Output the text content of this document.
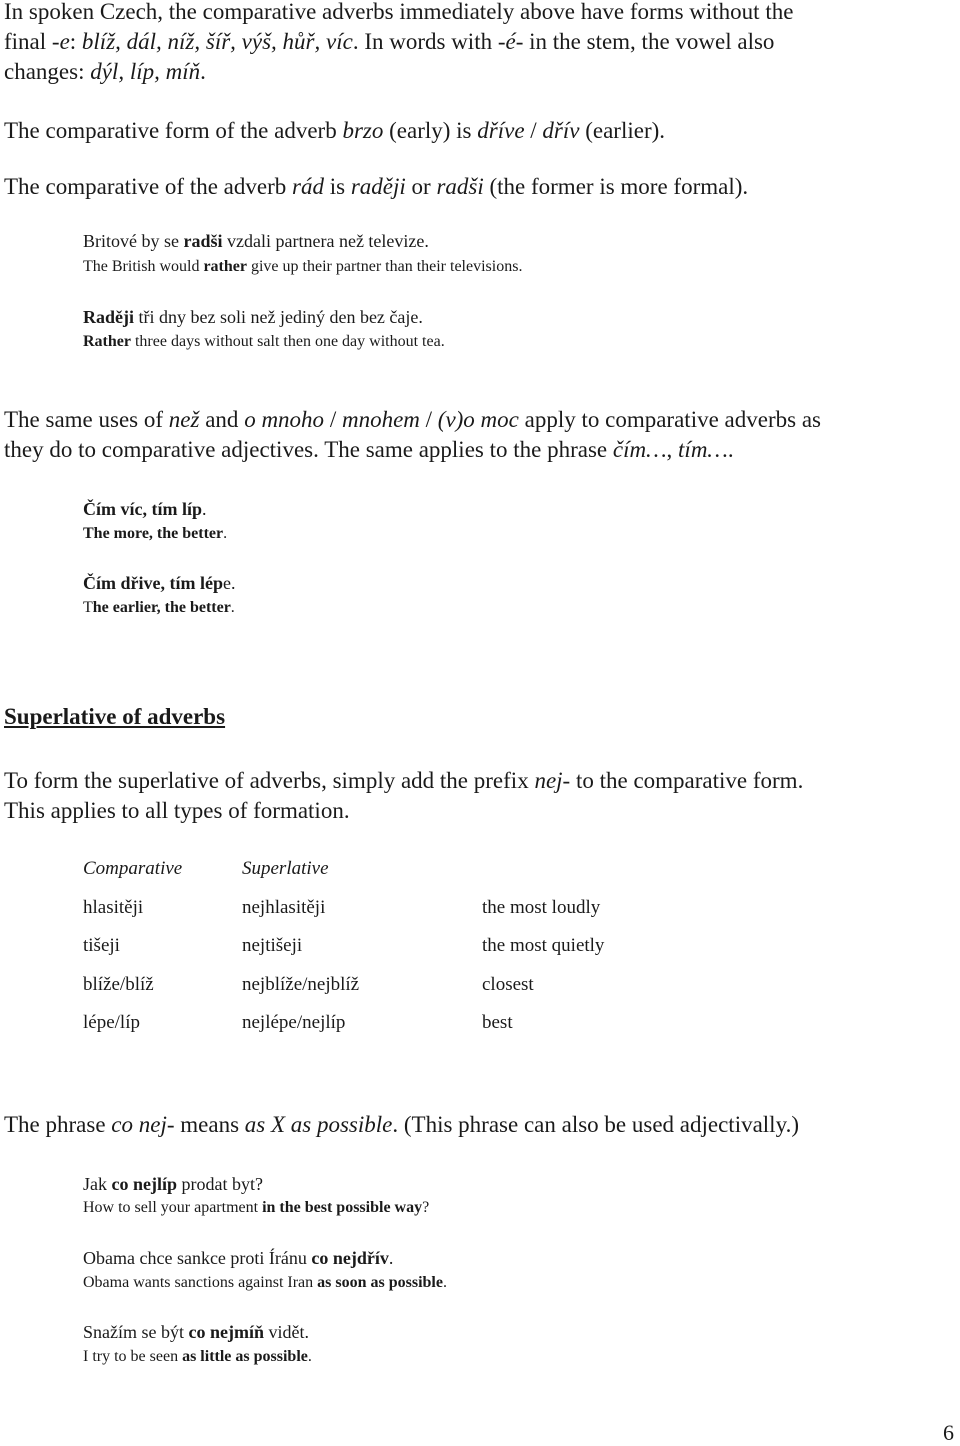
In spoken Czech, the comparative adverbs immediately above have forms without the
final -e: blíž, dál, níž, šíř, výš, hůř, víc. In words with -é- in the stem, the vowel also
changes: dýl, líp, míň.
The comparative form of the adverb brzo (early) is dříve / dřív (earlier).
The comparative of the adverb rád is raději or radši (the former is more formal).
Britové by se radši vzdali partnera než televize.
The British would rather give up their partner than their televisions.
Raději tři dny bez soli než jediný den bez čaje.
Rather three days without salt then one day without tea.
The same uses of než and o mnoho / mnohem / (v)o moc apply to comparative adverbs as
they do to comparative adjectives. The same applies to the phrase čím…, tím….
Čím víc, tím líp.
The more, the better.
Čím dřive, tím lépe.
The earlier, the better.
Superlative of adverbs
To form the superlative of adverbs, simply add the prefix nej- to the comparative form.
This applies to all types of formation.
Comparative	Superlative
hlasitěji	nejhlasitěji	the most loudly
tišeji	nejtišeji	the most quietly
blíže/blíž	nejblíže/nejblíž	closest
lépe/líp	nejlépe/nejlíp	best
The phrase co nej- means as X as possible. (This phrase can also be used adjectivally.)
Jak co nejlíp prodat byt?
How to sell your apartment in the best possible way?
Obama chce sankce proti Íránu co nejdřív.
Obama wants sanctions against Iran as soon as possible.
Snažím se být co nejmíň vidět.
I try to be seen as little as possible.
6
